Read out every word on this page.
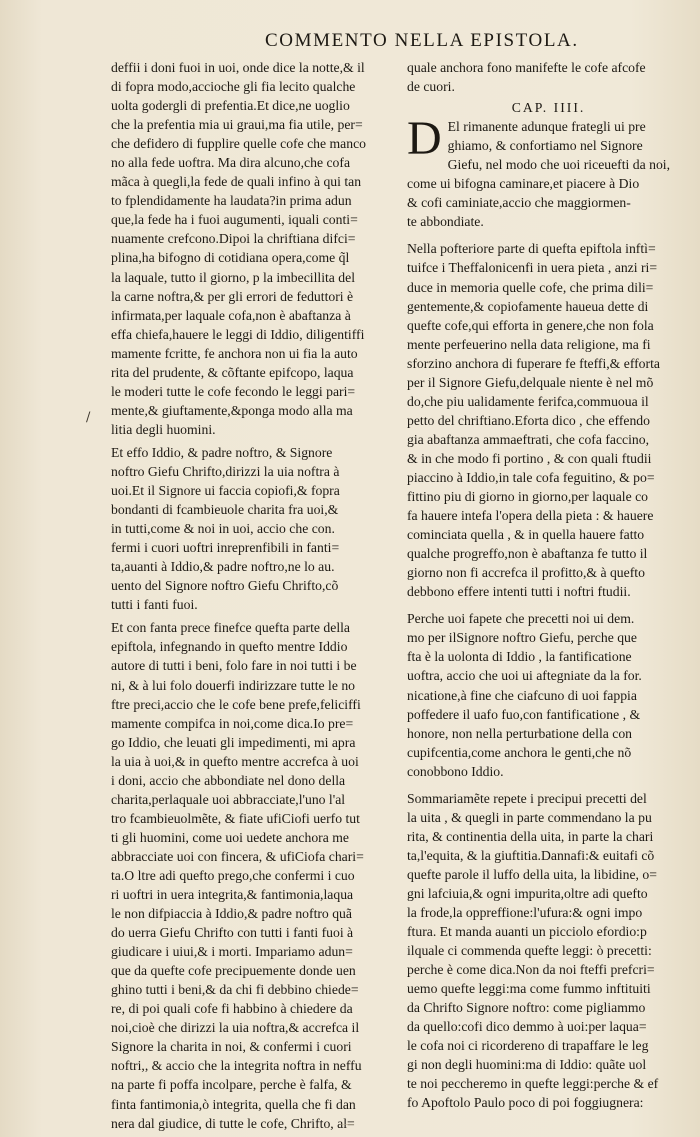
COMMENTO NELLA EPISTOLA.
/
deffii i doni fuoi in uoi, onde dice la notte,& il
di fopra modo,accioche gli fia lecito qualche
uolta godergli di prefentia.Et dice,ne uoglio
che la prefentia mia ui graui,ma fia utile, per=
che defidero di fupplire quelle cofe che manco
no alla fede uoftra. Ma dira alcuno,che cofa
mãca à quegli,la fede de quali infino à qui tan
to fplendidamente ha laudata?in prima adun
que,la fede ha i fuoi augumenti, iquali conti=
nuamente crefcono.Dipoi la chriftiana difci=
plina,ha bifogno di cotidiana opera,come q̃l
la laquale, tutto il giorno, p la imbecillita del
la carne noftra,& per gli errori de feduttori è
infirmata,per laquale cofa,non è abaftanza à
effa chiefa,hauere le leggi di Iddio, diligentiffi
mamente fcritte, fe anchora non ui fia la auto
rita del prudente, & cõftante epifcopo, laqua
le moderi tutte le cofe fecondo le leggi pari=
mente,& giuftamente,&ponga modo alla ma
litia degli huomini.
Et effo Iddio, & padre noftro, & Signore
noftro Giefu Chrifto,dirizzi la uia noftra à
uoi.Et il Signore ui faccia copiofi,& fopra
bondanti di fcambieuole charita fra uoi,&
in tutti,come & noi in uoi, accio che con.
fermi i cuori uoftri inreprenfibili in fanti=
ta,auanti à Iddio,& padre noftro,ne lo au.
uento del Signore noftro Giefu Chrifto,cõ
tutti i fanti fuoi.
Et con fanta prece finefce quefta parte della
epiftola, infegnando in quefto mentre Iddio
autore di tutti i beni, folo fare in noi tutti i be
ni, & à lui folo douerfi indirizzare tutte le no
ftre preci,accio che le cofe bene prefe,feliciffi
mamente compifca in noi,come dica.Io pre=
go Iddio, che leuati gli impedimenti, mi apra
la uia à uoi,& in quefto mentre accrefca à uoi
i doni, accio che abbondiate nel dono della
charita,perlaquale uoi abbracciate,l'uno l'al
tro fcambieuolmẽte, & fiate ufiCiofi uerfo tut
ti gli huomini, come uoi uedete anchora me
abbracciate uoi con fincera, & ufiCiofa chari=
ta.O ltre adi quefto prego,che confermi i cuo
ri uoftri in uera integrita,& fantimonia,laqua
le non difpiaccia à Iddio,& padre noftro quã
do uerra Giefu Chrifto con tutti i fanti fuoi à
giudicare i uiui,& i morti. Impariamo adun=
que da quefte cofe precipuemente donde uen
ghino tutti i beni,& da chi fi debbino chiede=
re, di poi quali cofe fi habbino à chiedere da
noi,cioè che dirizzi la uia noftra,& accrefca il
Signore la charita in noi, & confermi i cuori
noftri,, & accio che la integrita noftra in neffu
na parte fi poffa incolpare, perche è falfa, &
finta fantimonia,ò integrita, quella che fi dan
nera dal giudice, di tutte le cofe, Chrifto, al=
quale anchora fono manifefte le cofe afcofe
de cuori.
CAP. IIII.
D El rimanente adunque frategli ui pre
ghiamo, & confortiamo nel Signore
Giefu, nel modo che uoi riceuefti da noi,
come ui bifogna caminare,et piacere à Dio
& cofi caminiate,accio che maggiormen-
te abbondiate.
Nella pofteriore parte di quefta epiftola inftì=
tuifce i Theffalonicenfi in uera pieta , anzi ri=
duce in memoria quelle cofe, che prima dili=
gentemente,& copiofamente haueua dette di
quefte cofe,qui efforta in genere,che non fola
mente perfeuerino nella data religione, ma fi
sforzino anchora di fuperare fe fteffi,& efforta
per il Signore Giefu,delquale niente è nel mõ
do,che piu ualidamente ferifca,commuoua il
petto del chriftiano.Eforta dico , che effendo
gia abaftanza ammaeftrati, che cofa faccino,
& in che modo fi portino , & con quali ftudii
piaccino à Iddio,in tale cofa feguitino, & po=
fittino piu di giorno in giorno,per laquale co
fa hauere intefa l'opera della pieta : & hauere
cominciata quella , & in quella hauere fatto
qualche progreffo,non è abaftanza fe tutto il
giorno non fi accrefca il profitto,& à quefto
debbono effere intenti tutti i noftri ftudii.
Perche uoi fapete che precetti noi ui dem.
mo per ilSignore noftro Giefu, perche que
fta è la uolonta di Iddio , la fantificatione
uoftra, accio che uoi ui aftegniate da la for.
nicatione,à fine che ciafcuno di uoi fappia
poffedere il uafo fuo,con fantificatione , &
honore, non nella perturbatione della con
cupifcentia,come anchora le genti,che nõ
conobbono Iddio.
Sommariamẽte repete i precipui precetti del
la uita , & quegli in parte commendano la pu
rita, & continentia della uita, in parte la chari
ta,l'equita, & la giuftitia.Dannafi:& euitafi cõ
quefte parole il luffo della uita, la libidine, o=
gni lafciuia,& ogni impurita,oltre adi quefto
la frode,la oppreffione:l'ufura:& ogni impo
ftura. Et manda auanti un picciolo efordio:p
ilquale ci commenda quefte leggi: ò precetti:
perche è come dica.Non da noi fteffi prefcri=
uemo quefte leggi:ma come fummo inftituiti
da Chrifto Signore noftro: come pigliammo
da quello:cofi dico demmo à uoi:per laqua=
le cofa noi ci ricordereno di trapaffare le leg
gi non degli huomini:ma di Iddio: quãte uol
te noi peccheremo in quefte leggi:perche & ef
fo Apoftolo Paulo poco di poi foggiugnera:
